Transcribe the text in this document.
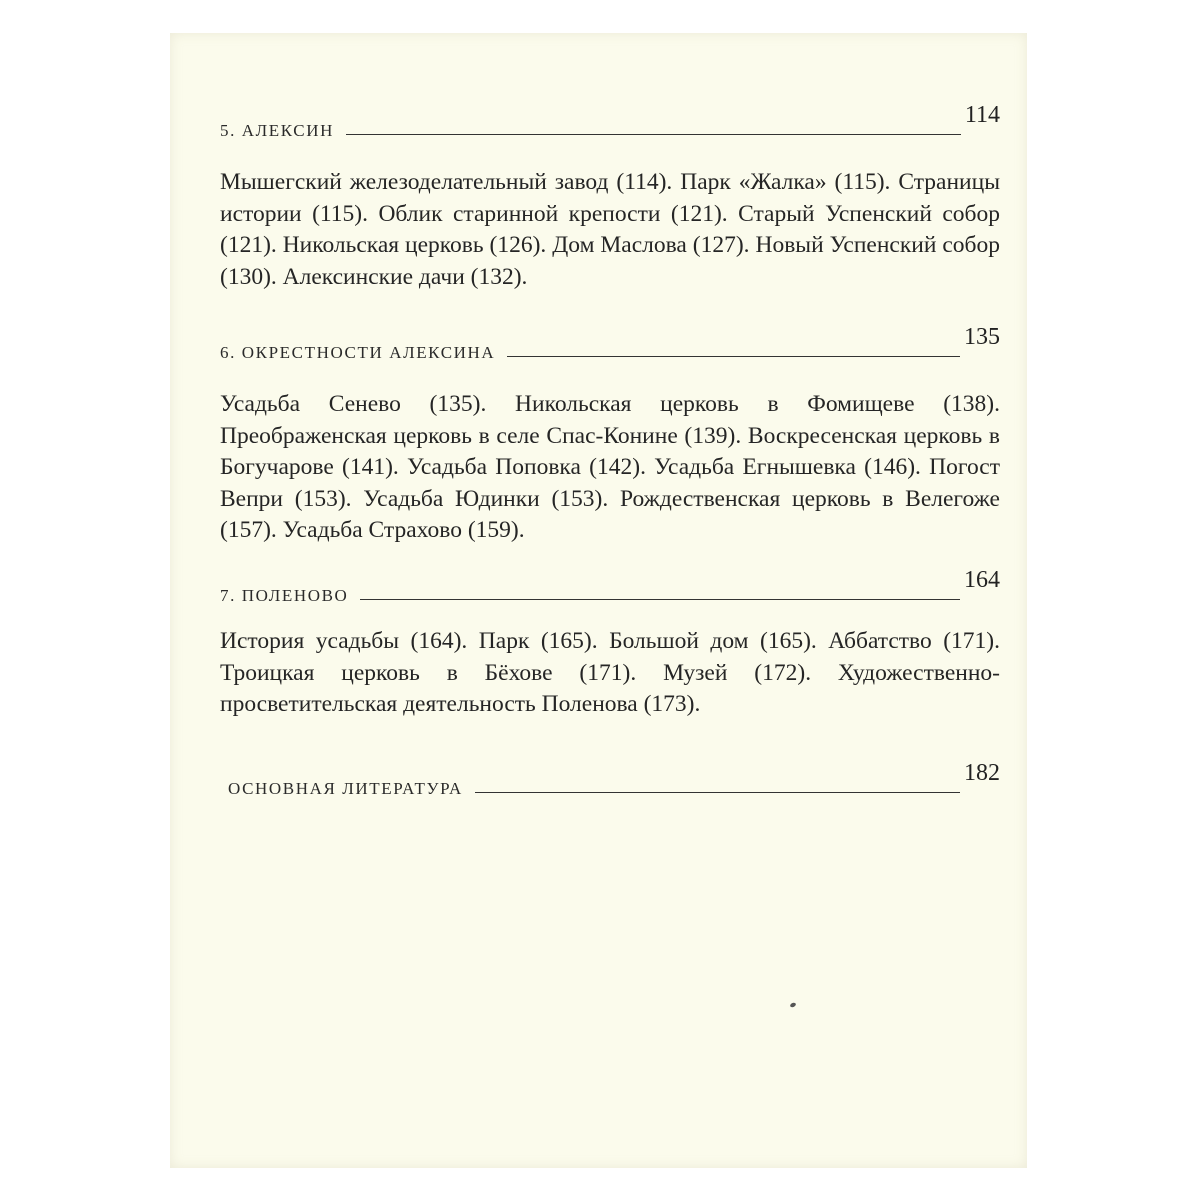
5. АЛЕКСИН
114

Мышегский железоделательный завод (114). Парк «Жалка» (115). Страницы истории (115). Облик старинной крепости (121). Старый Успенский собор (121). Никольская церковь (126). Дом Маслова (127). Новый Успенский собор (130). Алексинские дачи (132).

6. ОКРЕСТНОСТИ АЛЕКСИНА
135

Усадьба Сенево (135). Никольская церковь в Фомищеве (138). Преображенская церковь в селе Спас-Конине (139). Воскресенская церковь в Богучарове (141). Усадьба Поповка (142). Усадьба Егнышевка (146). Погост Вепри (153). Усадьба Юдинки (153). Рождественская церковь в Велегоже (157). Усадьба Страхово (159).

7. ПОЛЕНОВО
164

История усадьбы (164). Парк (165). Большой дом (165). Аббатство (171). Троицкая церковь в Бёхове (171). Музей (172). Художественно-просветительская деятельность Поленова (173).

ОСНОВНАЯ ЛИТЕРАТУРА
182
